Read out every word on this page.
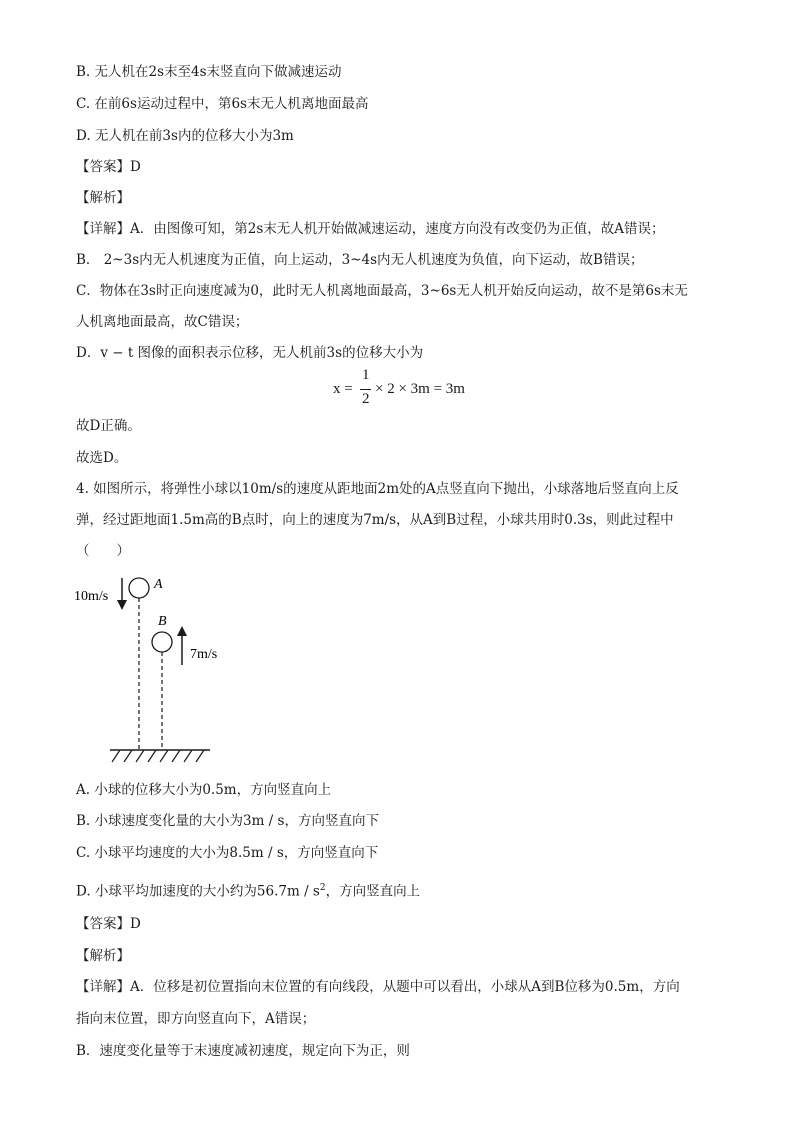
B. 无人机在2s末至4s末竖直向下做减速运动
C. 在前6s运动过程中，第6s末无人机离地面最高
D. 无人机在前3s内的位移大小为3m
【答案】D
【解析】
【详解】A．由图像可知，第2s末无人机开始做减速运动，速度方向没有改变仍为正值，故A错误；
B． 2~3s内无人机速度为正值，向上运动，3~4s内无人机速度为负值，向下运动，故B错误；
C．物体在3s时正向速度减为0，此时无人机离地面最高，3~6s无人机开始反向运动，故不是第6s末无
人机离地面最高，故C错误；
D．v − t 图像的面积表示位移，无人机前3s的位移大小为
x =
1
2
× 2 × 3m = 3m
故D正确。
故选D。
4. 如图所示，将弹性小球以10m/s的速度从距地面2m处的A点竖直向下抛出，小球落地后竖直向上反
弹，经过距地面1.5m高的B点时，向上的速度为7m/s，从A到B过程，小球共用时0.3s，则此过程中
（　　）
10m/s
A
B
7m/s
A. 小球的位移大小为0.5m，方向竖直向上
B. 小球速度变化量的大小为3m / s，方向竖直向下
C. 小球平均速度的大小为8.5m / s，方向竖直向下
D. 小球平均加速度的大小约为$56.7m / s^2$，方向竖直向上
【答案】D
【解析】
【详解】A．位移是初位置指向末位置的有向线段，从题中可以看出，小球从A到B位移为0.5m，方向
指向末位置，即方向竖直向下，A错误；
B．速度变化量等于末速度减初速度，规定向下为正，则
